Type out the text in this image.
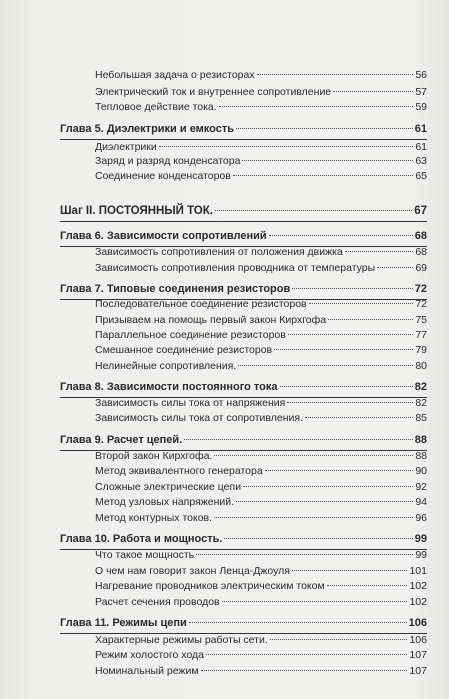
Небольшая задача о резисторах	56
Электрический ток и внутреннее сопротивление	57
Тепловое действие тока.	59
Глава 5. Диэлектрики и емкость	61
Диэлектрики	61
Заряд и разряд конденсатора	63
Соединение конденсаторов	65
Шаг II. ПОСТОЯННЫЙ ТОК.	67
Глава 6. Зависимости сопротивлений	68
Зависимость сопротивления от положения движка	68
Зависимость сопротивления проводника от температуры	69
Глава 7. Типовые соединения резисторов	72
Последовательное соединение резисторов	72
Призываем на помощь первый закон Кирхгофа	75
Параллельное соединение резисторов	77
Смешанное соединение резисторов	79
Нелинейные сопротивления.	80
Глава 8. Зависимости постоянного тока	82
Зависимость силы тока от напряжения	82
Зависимость силы тока от сопротивления.	85
Глава 9. Расчет цепей.	88
Второй закон Кирхгофа.	88
Метод эквивалентного генератора	90
Сложные электрические цепи	92
Метод узловых напряжений.	94
Метод контурных токов.	96
Глава 10. Работа и мощность.	99
Что такое мощность	99
О чем нам говорит закон Ленца-Джоуля	101
Нагревание проводников электрическим током	102
Расчет сечения проводов	102
Глава 11. Режимы цепи	106
Характерные режимы работы сети.	106
Режим холостого хода	107
Номинальный режим	107
